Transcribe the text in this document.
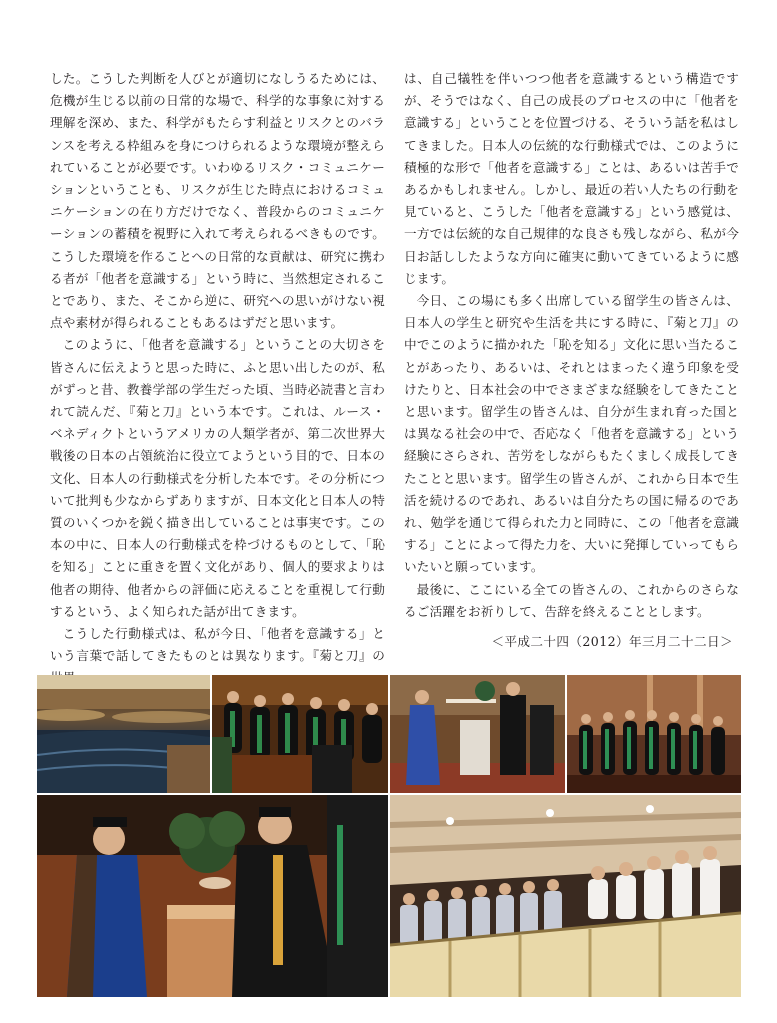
した。こうした判断を人びとが適切になしうるためには、危機が生じる以前の日常的な場で、科学的な事象に対する理解を深め、また、科学がもたらす利益とリスクとのバランスを考える枠組みを身につけられるような環境が整えられていることが必要です。いわゆるリスク・コミュニケーションということも、リスクが生じた時点におけるコミュニケーションの在り方だけでなく、普段からのコミュニケーションの蓄積を視野に入れて考えられるべきものです。こうした環境を作ることへの日常的な貢献は、研究に携わる者が「他者を意識する」という時に、当然想定されることであり、また、そこから逆に、研究への思いがけない視点や素材が得られることもあるはずだと思います。

このように、「他者を意識する」ということの大切さを皆さんに伝えようと思った時に、ふと思い出したのが、私がずっと昔、教養学部の学生だった頃、当時必読書と言われて読んだ、『菊と刀』という本です。これは、ルース・ベネディクトというアメリカの人類学者が、第二次世界大戦後の日本の占領統治に役立てようという目的で、日本の文化、日本人の行動様式を分析した本です。その分析について批判も少なからずありますが、日本文化と日本人の特質のいくつかを鋭く描き出していることは事実です。この本の中に、日本人の行動様式を枠づけるものとして、「恥を知る」ことに重きを置く文化があり、個人的要求よりは他者の期待、他者からの評価に応えることを重視して行動するという、よく知られた話が出てきます。

こうした行動様式は、私が今日、「他者を意識する」という言葉で話してきたものとは異なります。『菊と刀』の

は、自己犠牲を伴いつつ他者を意識するという構造ですが、そうではなく、自己の成長のプロセスの中に「他者を意識する」ということを位置づける、そういう話を私はしてきました。日本人の伝統的な行動様式では、このように積極的な形で「他者を意識する」ことは、あるいは苦手であるかもしれません。しかし、最近の若い人たちの行動を見ていると、こうした「他者を意識する」という感覚は、一方では伝統的な自己規律的な良さも残しながら、私が今日お話ししたような方向に確実に動いてきているように感じます。

今日、この場にも多く出席している留学生の皆さんは、日本人の学生と研究や生活を共にする時に、『菊と刀』の中でこのように描かれた「恥を知る」文化に思い当たることがあったり、あるいは、それとはまったく違う印象を受けたりと、日本社会の中でさまざまな経験をしてきたことと思います。留学生の皆さんは、自分が生まれ育った国とは異なる社会の中で、否応なく「他者を意識する」という経験にさらされ、苦労をしながらもたくましく成長してきたことと思います。留学生の皆さんが、これから日本で生活を続けるのであれ、あるいは自分たちの国に帰るのであれ、勉学を通じて得られた力と同時に、この「他者を意識する」ことによって得た力を、大いに発揮していってもらいたいと願っています。

最後に、ここにいる全ての皆さんの、これからのさらなるご活躍をお祈りして、告辞を終えることとします。

＜平成二十四（2012）年三月二十二日＞
